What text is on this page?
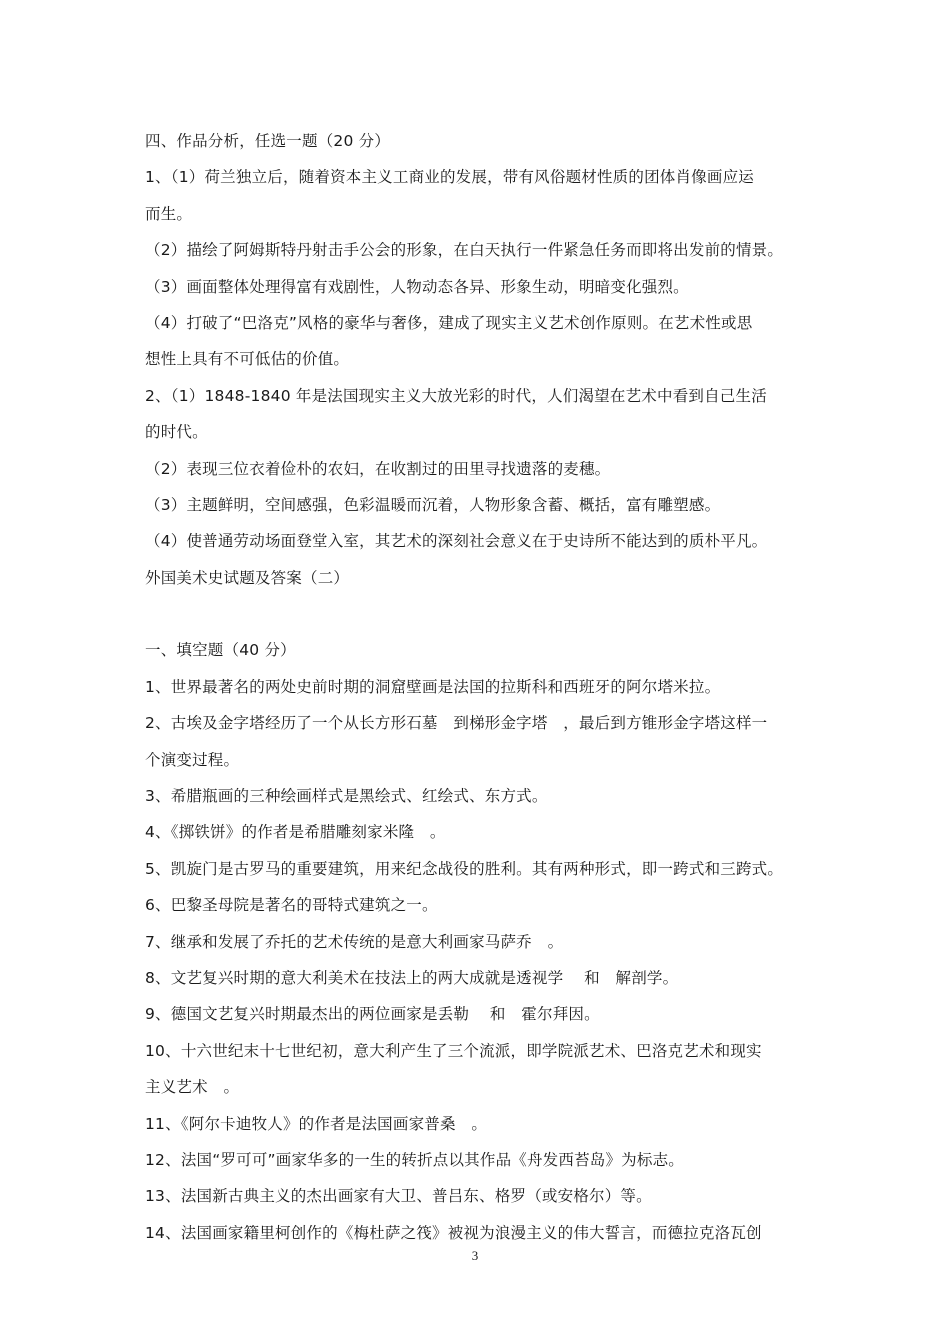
四、作品分析，任选一题（20 分）
1、（1）荷兰独立后，随着资本主义工商业的发展，带有风俗题材性质的团体肖像画应运
而生。
（2）描绘了阿姆斯特丹射击手公会的形象，在白天执行一件紧急任务而即将出发前的情景。
（3）画面整体处理得富有戏剧性，人物动态各异、形象生动，明暗变化强烈。
（4）打破了“巴洛克”风格的豪华与奢侈，建成了现实主义艺术创作原则。在艺术性或思
想性上具有不可低估的价值。
2、（1）1848-1840 年是法国现实主义大放光彩的时代，人们渴望在艺术中看到自己生活
的时代。
（2）表现三位衣着俭朴的农妇，在收割过的田里寻找遗落的麦穗。
（3）主题鲜明，空间感强，色彩温暖而沉着，人物形象含蓄、概括，富有雕塑感。
（4）使普通劳动场面登堂入室，其艺术的深刻社会意义在于史诗所不能达到的质朴平凡。
外国美术史试题及答案（二）
一、填空题（40 分）
1、世界最著名的两处史前时期的洞窟壁画是法国的拉斯科和西班牙的阿尔塔米拉。
2、古埃及金字塔经历了一个从长方形石墓　到梯形金字塔　，最后到方锥形金字塔这样一
个演变过程。
3、希腊瓶画的三种绘画样式是黑绘式、红绘式、东方式。
4、《掷铁饼》的作者是希腊雕刻家米隆　。
5、凯旋门是古罗马的重要建筑，用来纪念战役的胜利。其有两种形式，即一跨式和三跨式。
6、巴黎圣母院是著名的哥特式建筑之一。
7、继承和发展了乔托的艺术传统的是意大利画家马萨乔　。
8、文艺复兴时期的意大利美术在技法上的两大成就是透视学　 和　解剖学。
9、德国文艺复兴时期最杰出的两位画家是丢勒　 和　霍尔拜因。
10、十六世纪末十七世纪初，意大利产生了三个流派，即学院派艺术、巴洛克艺术和现实
主义艺术　。
11、《阿尔卡迪牧人》的作者是法国画家普桑　。
12、法国“罗可可”画家华多的一生的转折点以其作品《舟发西苔岛》为标志。
13、法国新古典主义的杰出画家有大卫、普吕东、格罗（或安格尔）等。
14、法国画家籍里柯创作的《梅杜萨之筏》被视为浪漫主义的伟大誓言，而德拉克洛瓦创
3
